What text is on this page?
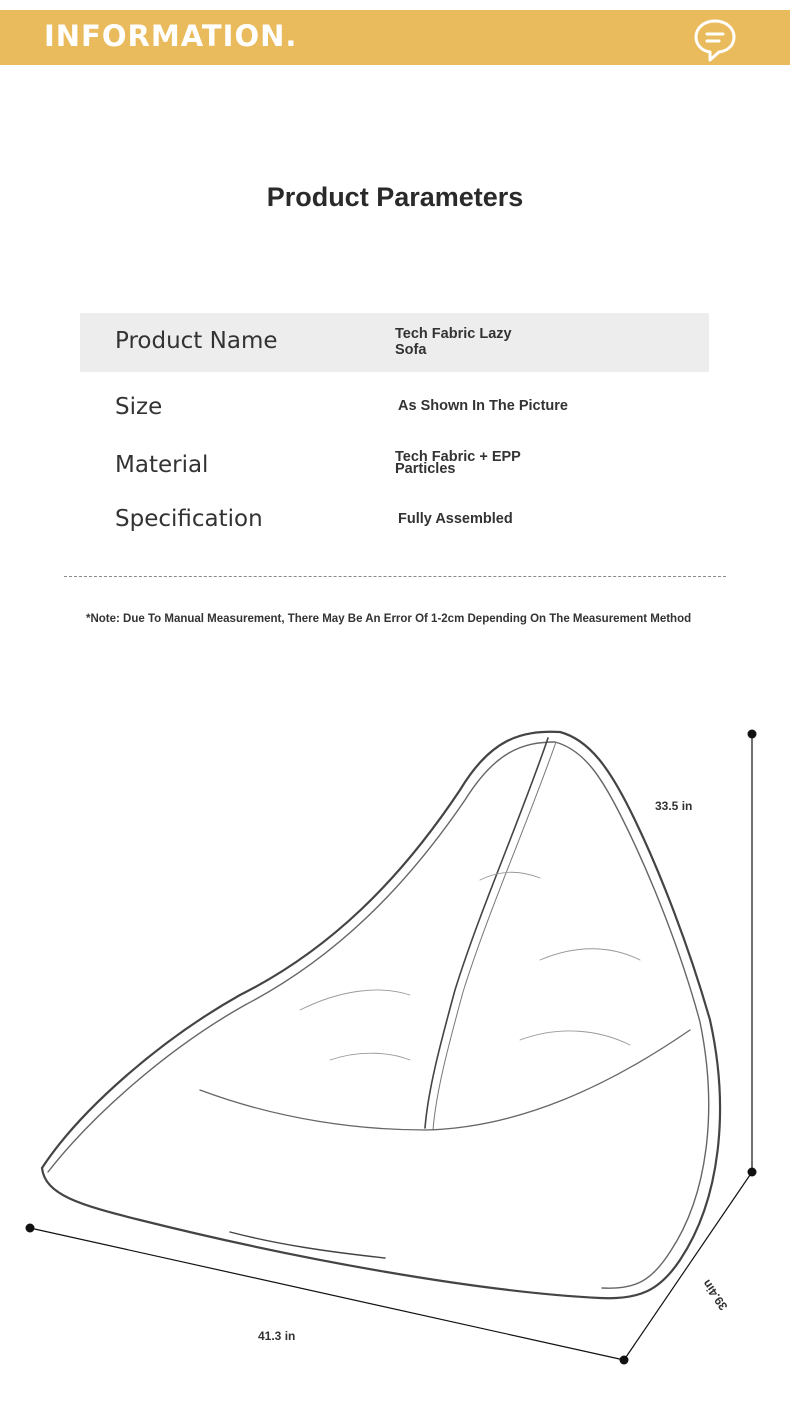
INFORMATION.
Product Parameters
Product Name	Tech Fabric Lazy Sofa
Size	As Shown In The Picture
Material	Tech Fabric + EPP Particles
Specification	Fully Assembled
*Note: Due To Manual Measurement, There May Be An Error Of 1-2cm Depending On The Measurement Method
33.5 in
41.3 in
39.4in
